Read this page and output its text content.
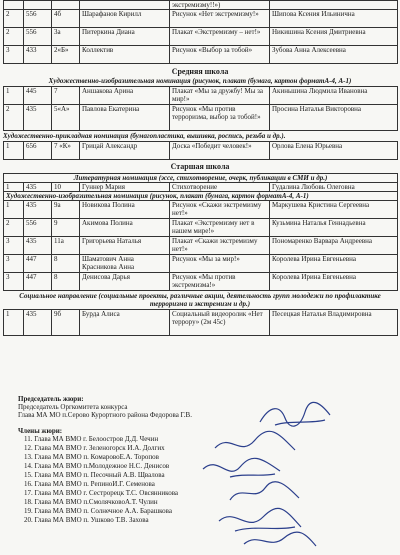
				экстремизму!!»)	
2	556	4б	Шарафанов Кирилл	Рисунок «Нет экстремизму!»	Шипова Ксения Ильинична
2	556	3а	Питеркина Диана	Плакат «Экстремизму – нет!»	Никишина Ксения Дмитриевна
3	433	2«Б»	Коллектив	Рисунок «Выбор за тобой»	Зубова Анна Алексеевна
Средняя школа
Художественно-изобразительная номинация (рисунок, плакат (бумага, картон форматА-4, А-1)
1	445	7	Аншакова Арина	Плакат «Мы за дружбу! Мы за мир!»	Акиньшина Людмила Ивановна
2	435	5«А»	Павлова Екатерина	Рисунок «Мы против терроризма, выбор за тобой!»	Просина Наталья Викторовна
Художественно-прикладная номинация (бумагопластика, вышивка, роспись, резьба и др.).
1	656	7 «К»	Грицай Александр	Доска «Победит человек!»	Орлова Елена Юрьевна
Старшая школа
Литературная номинация (эссе, стихотворение, очерк, публикации в СМИ и др.)					
1	435	10	Гуннер Мария	Стихотворение	Гудалина Любовь Олеговна
Художественно-изобразительная номинация (рисунок, плакат (бумага, картон форматА-4, А-1)					
1	435	9а	Новикова Полина	Рисунок «Скажи экстремизму нет!»	Маркушева Кристина Сергеевна
2	556	9	Акимова Полина	Плакат «Экстремизму нет в нашем мире!»	Кузьмина Наталья Геннадьевна
3	435	11а	Григорьева Наталья	Плакат «Скажи экстремизму нет!»	Пономаренко Варвара Андреевна
3	447	8	Шаматович Анна Красникова Анна	Рисунок «Мы за мир!»	Королева Ирина Евгеньевна
3	447	8	Денисова Дарья	Рисунок «Мы против экстремизма!»	Королева Ирина Евгеньевна
Социальное направление (социальные проекты, различные акции, деятельность групп молодежи по профилактике терроризма и экстремизм и др.)
1	435	9б	Бурда Алиса	Социальный видеоролик «Нет террору» (2м 45с)	Песецкая Наталья Владимировна
Председатель жюри:
Председатель Оргкомитета конкурса
Глава МА МО п.Серово Курортного района Федорова Г.В.
Члены жюри:
11. Глава МА ВМО г. Белоостров Д.Д. Чечин
12. Глава МА ВМО г. Зеленогорск И.А. Долгих
13. Глава МА ВМО п. КомаровоЕ.А. Торопов
14. Глава МА ВМО п.Молодежное Н.С. Денисов
15. Глава МА ВМО п. Песочный А.В. Щвалова
16. Глава МА ВМО п. РепиноИ.Г. Семенова
17. Глава МА ВМО г. Сестрорецк Т.С. Овсянникова
18. Глава МА ВМО п.СмолячковоА.Т. Чулин
19. Глава МА ВМО п. Солнечное А.А. Барашкова
20. Глава МА ВМО п. Ушково Т.В. Захова
